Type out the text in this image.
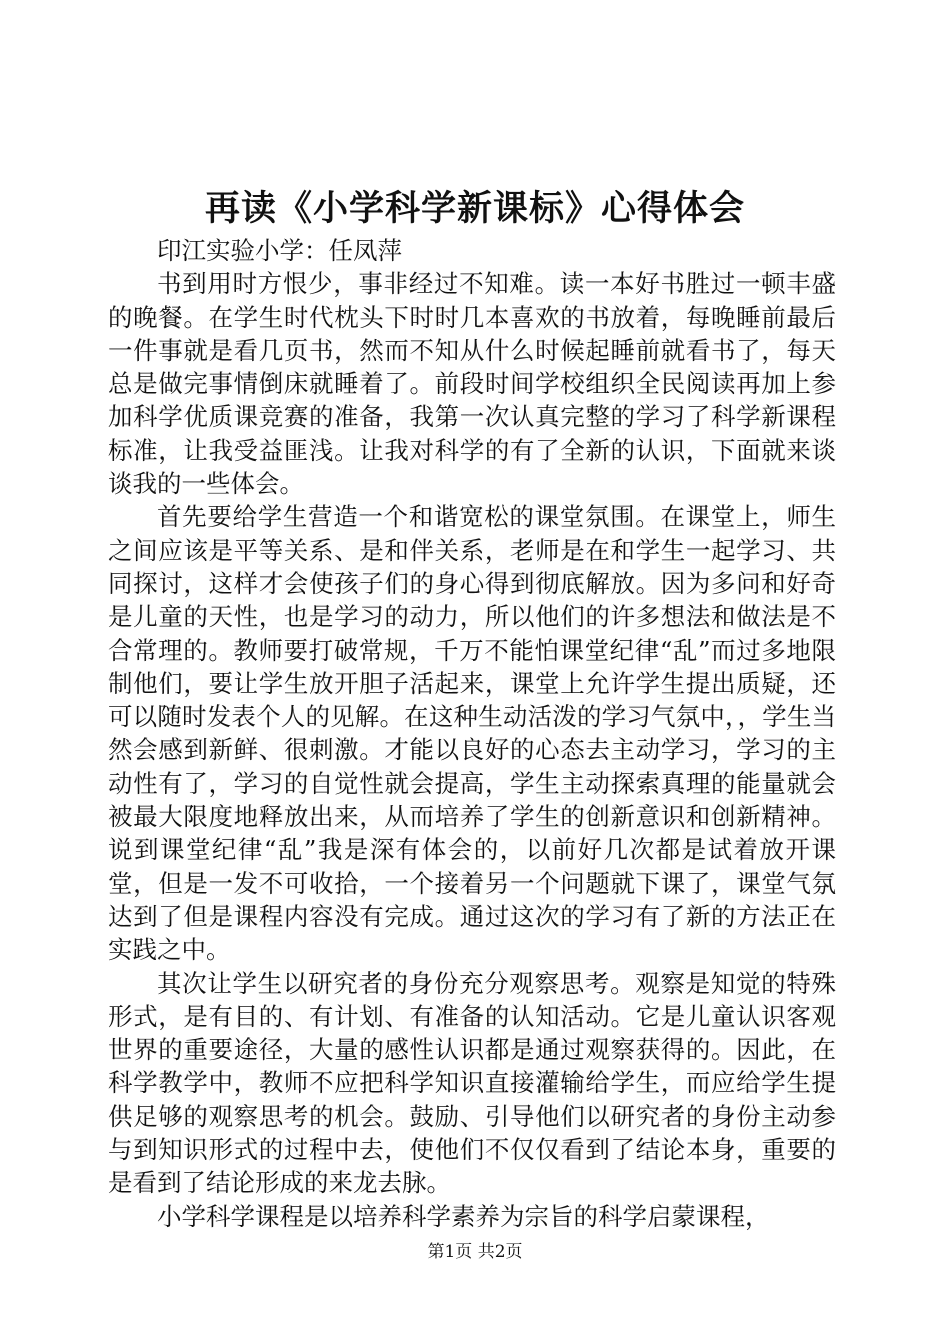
再读《小学科学新课标》心得体会

印江实验小学：任凤萍

书到用时方恨少，事非经过不知难。读一本好书胜过一顿丰盛的晚餐。在学生时代枕头下时时几本喜欢的书放着，每晚睡前最后一件事就是看几页书，然而不知从什么时候起睡前就看书了，每天总是做完事情倒床就睡着了。前段时间学校组织全民阅读再加上参加科学优质课竞赛的准备，我第一次认真完整的学习了科学新课程标准，让我受益匪浅。让我对科学的有了全新的认识，下面就来谈谈我的一些体会。

首先要给学生营造一个和谐宽松的课堂氛围。在课堂上，师生之间应该是平等关系、是和伴关系，老师是在和学生一起学习、共同探讨，这样才会使孩子们的身心得到彻底解放。因为多问和好奇是儿童的天性，也是学习的动力，所以他们的许多想法和做法是不合常理的。教师要打破常规，千万不能怕课堂纪律“乱”而过多地限制他们，要让学生放开胆子活起来，课堂上允许学生提出质疑，还可以随时发表个人的见解。在这种生动活泼的学习气氛中，，学生当然会感到新鲜、很刺激。才能以良好的心态去主动学习，学习的主动性有了，学习的自觉性就会提高，学生主动探索真理的能量就会被最大限度地释放出来，从而培养了学生的创新意识和创新精神。说到课堂纪律“乱”我是深有体会的，以前好几次都是试着放开课堂，但是一发不可收拾，一个接着另一个问题就下课了，课堂气氛达到了但是课程内容没有完成。通过这次的学习有了新的方法正在实践之中。

其次让学生以研究者的身份充分观察思考。观察是知觉的特殊形式，是有目的、有计划、有准备的认知活动。它是儿童认识客观世界的重要途径，大量的感性认识都是通过观察获得的。因此，在科学教学中，教师不应把科学知识直接灌输给学生，而应给学生提供足够的观察思考的机会。鼓励、引导他们以研究者的身份主动参与到知识形式的过程中去，使他们不仅仅看到了结论本身，重要的是看到了结论形成的来龙去脉。

小学科学课程是以培养科学素养为宗旨的科学启蒙课程，

第1页 共2页
